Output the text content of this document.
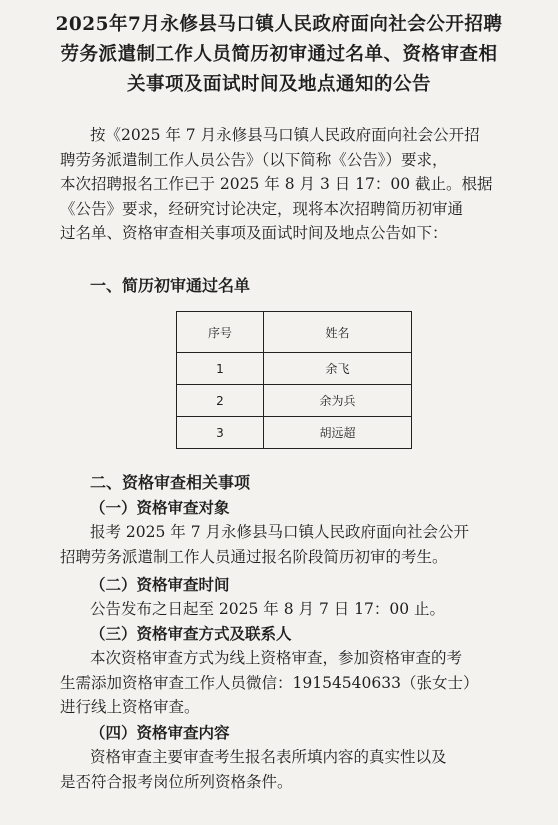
2025年7月永修县马口镇人民政府面向社会公开招聘
劳务派遣制工作人员简历初审通过名单、资格审查相
关事项及面试时间及地点通知的公告
按《2025 年 7 月永修县马口镇人民政府面向社会公开招
聘劳务派遣制工作人员公告》（以下简称《公告》）要求，
本次招聘报名工作已于 2025 年 8 月 3 日 17：00 截止。根据
《公告》要求，经研究讨论决定，现将本次招聘简历初审通
过名单、资格审查相关事项及面试时间及地点公告如下：
一、简历初审通过名单
序号	姓名
1	余飞
2	余为兵
3	胡远超
二、资格审查相关事项
（一）资格审查对象
报考 2025 年 7 月永修县马口镇人民政府面向社会公开
招聘劳务派遣制工作人员通过报名阶段简历初审的考生。
（二）资格审查时间
公告发布之日起至 2025 年 8 月 7 日 17：00 止。
（三）资格审查方式及联系人
本次资格审查方式为线上资格审查，参加资格审查的考
生需添加资格审查工作人员微信：19154540633（张女士）
进行线上资格审查。
（四）资格审查内容
资格审查主要审查考生报名表所填内容的真实性以及
是否符合报考岗位所列资格条件。
